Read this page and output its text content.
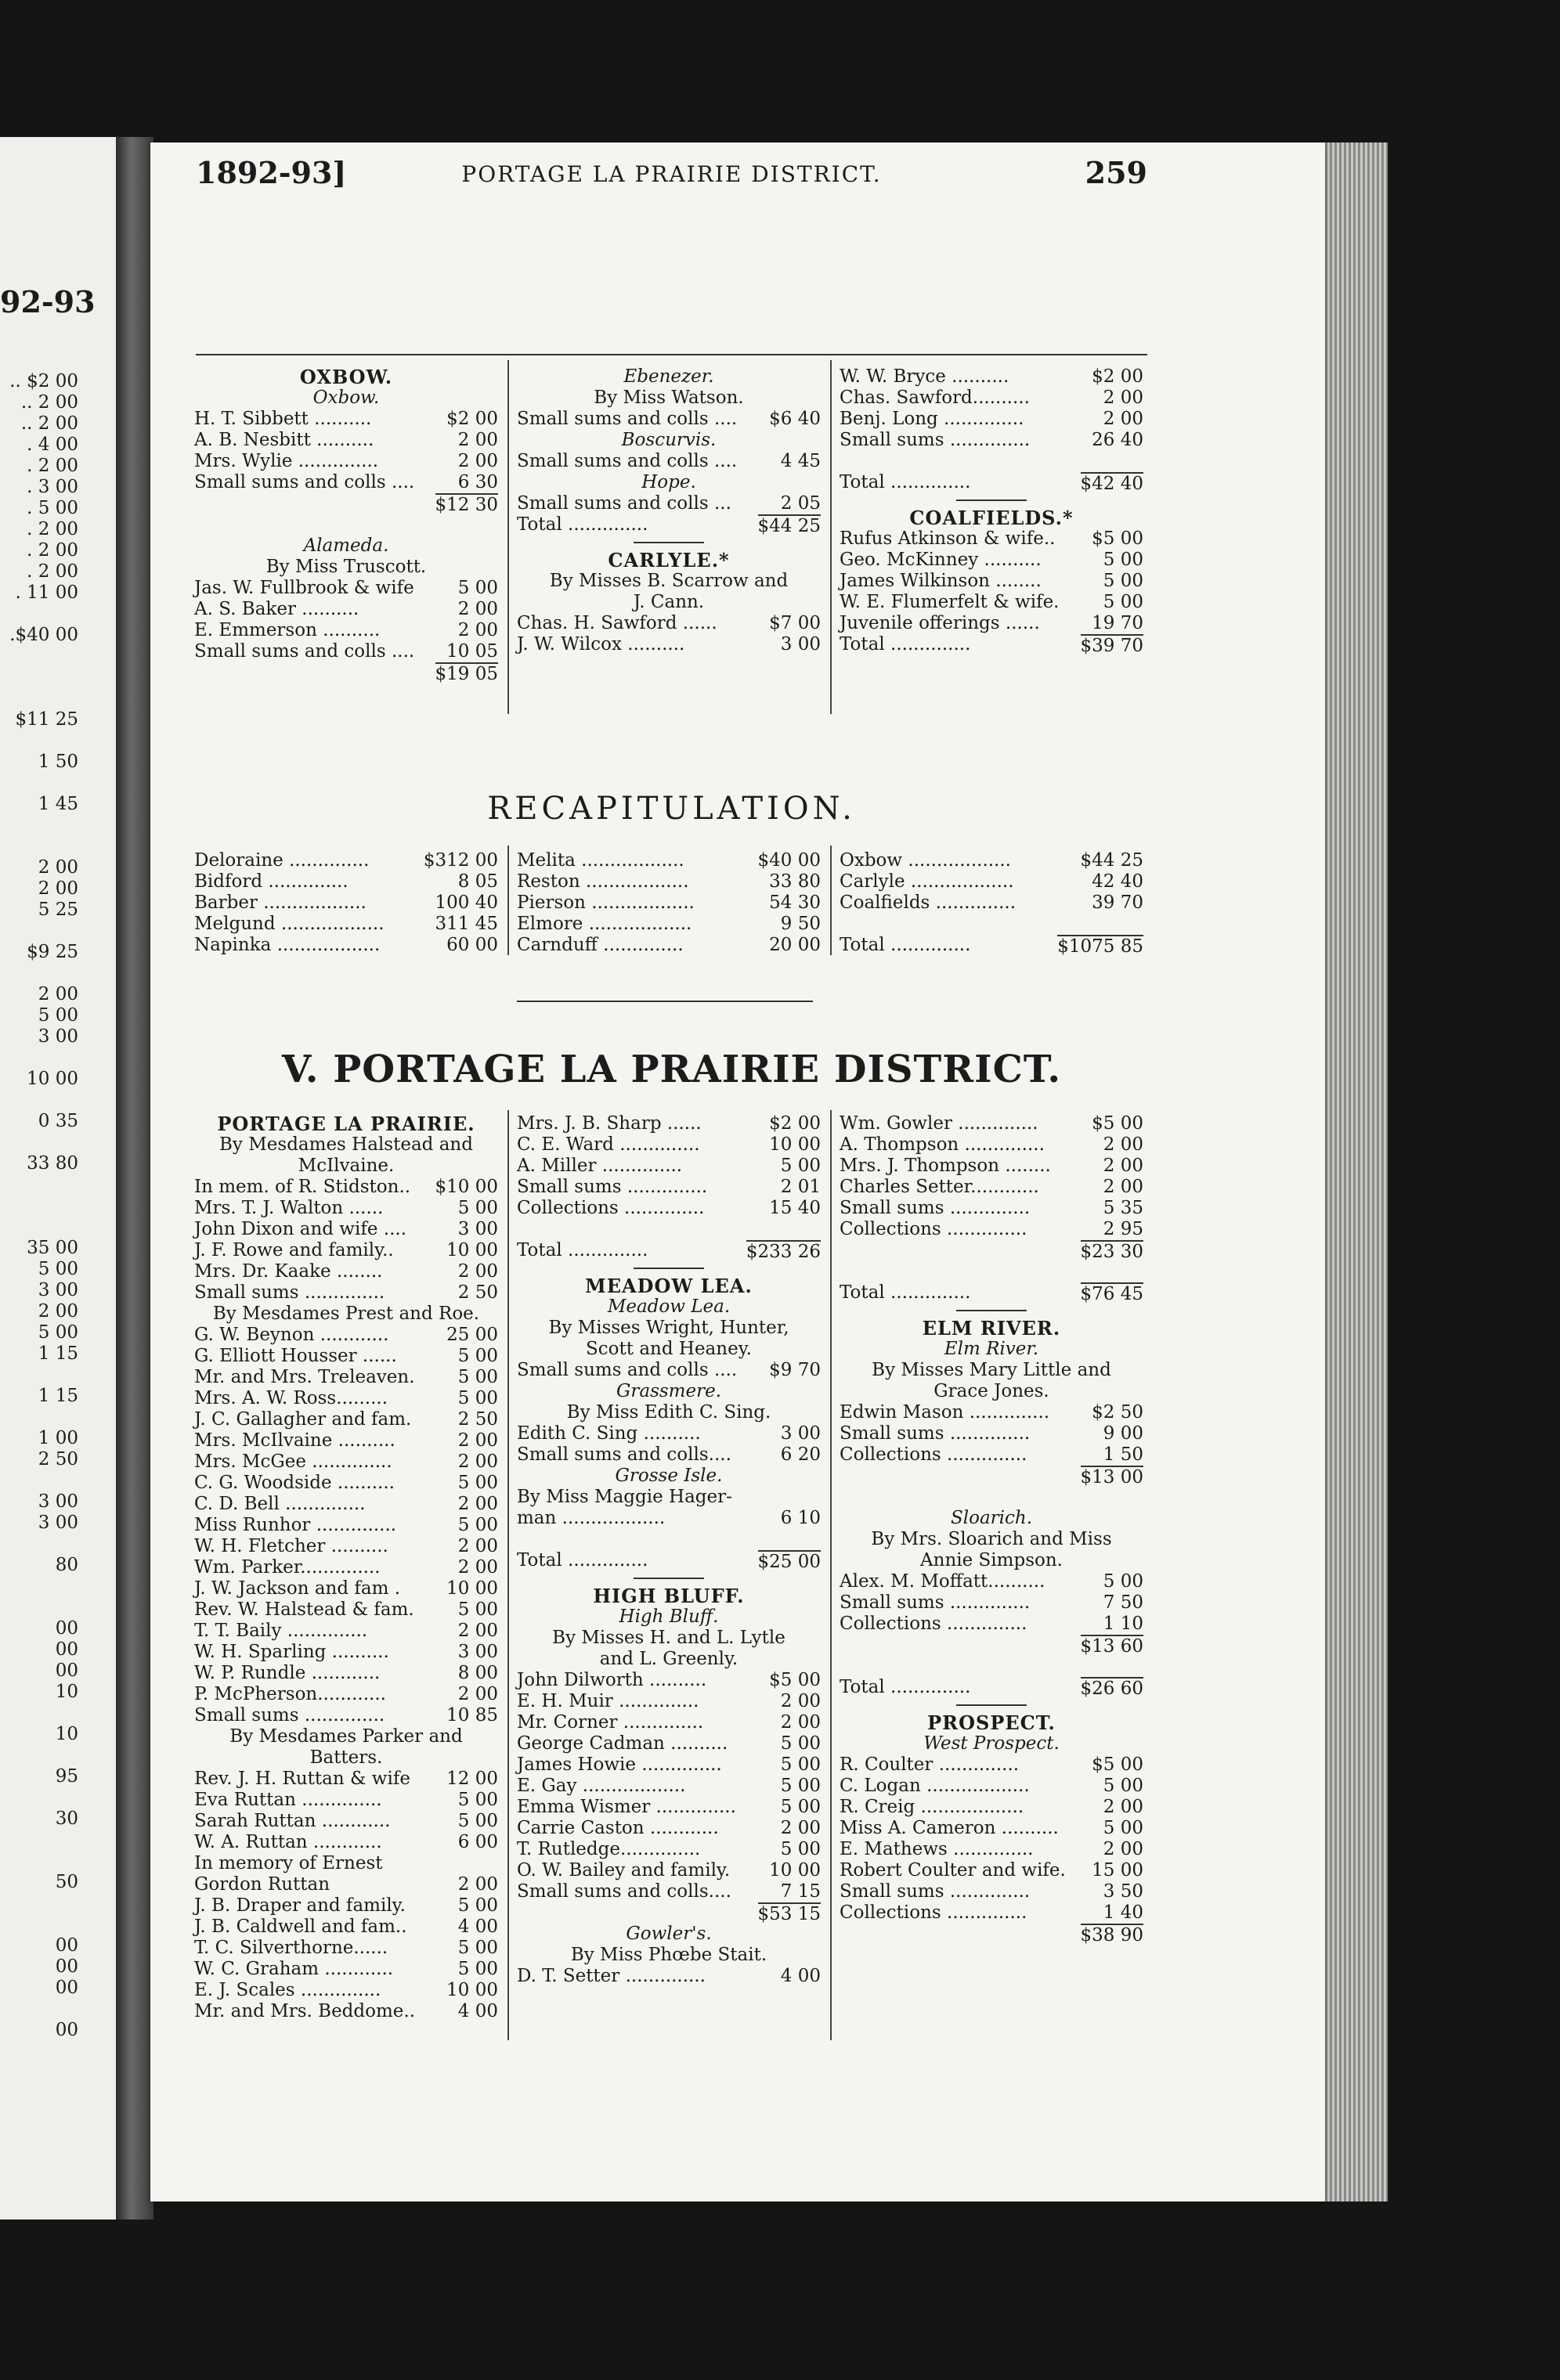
92-93
.. $2 00
.. 2 00
.. 2 00
. 4 00
. 2 00
. 3 00
. 5 00
. 2 00
. 2 00
. 2 00
. 11 00
.$40 00
$11 25
1 50
1 45
2 00
2 00
5 25
$9 25
2 00
5 00
3 00
10 00
0 35
33 80
35 00
5 00
3 00
2 00
5 00
1 15
1 15
1 00
2 50
3 00
3 00
80
00
00
00
10
10
95
30
50
00
00
00
00
1892-93]	PORTAGE LA PRAIRIE DISTRICT.	259
OXBOW.
Oxbow.
H. T. Sibbett ..........	$2 00
A. B. Nesbitt ..........	2 00
Mrs. Wylie ..............	2 00
Small sums and colls .... 6 30
$12 30
Alameda.
By Miss Truscott.
Jas. W. Fullbrook & wife 5 00
A. S. Baker ..........	2 00
E. Emmerson ..........	2 00
Small sums and colls .... 10 05
$19 05
Ebenezer.
By Miss Watson.
Small sums and colls .... $6 40
Boscurvis.
Small sums and colls .... 4 45
Hope.
Small sums and colls ...	2 05
Total ..............	$44 25
CARLYLE.*
By Misses B. Scarrow and
J. Cann.
Chas. H. Sawford ......	$7 00
J. W. Wilcox ..........	3 00
W. W. Bryce ..........	$2 00
Chas. Sawford..........	2 00
Benj. Long ..............	2 00
Small sums ..............	26 40
Total ..............	$42 40
COALFIELDS.*
Rufus Atkinson & wife.. $5 00
Geo. McKinney ..........	5 00
James Wilkinson ........	5 00
W. E. Flumerfelt & wife. 5 00
Juvenile offerings ......	19 70
Total ..............	$39 70
RECAPITULATION.
Deloraine ..............	$312 00
Bidford ..............	8 05
Barber ..................	100 40
Melgund ..................	311 45
Napinka ..................	60 00
Melita ..................	$40 00
Reston ..................	33 80
Pierson ..................	54 30
Elmore ..................	9 50
Carnduff ..............	20 00
Oxbow ..................	$44 25
Carlyle ..................	42 40
Coalfields ..............	39 70
Total ..............	$1075 85
V. PORTAGE LA PRAIRIE DISTRICT.
PORTAGE LA PRAIRIE.
By Mesdames Halstead and
McIlvaine.
In mem. of R. Stidston.. $10 00
Mrs. T. J. Walton ......	5 00
John Dixon and wife ....	3 00
J. F. Rowe and family..	10 00
Mrs. Dr. Kaake ........	2 00
Small sums ..............	2 50
By Mesdames Prest and Roe.
G. W. Beynon ............	25 00
G. Elliott Housser ......	5 00
Mr. and Mrs. Treleaven. 5 00
Mrs. A. W. Ross.........	5 00
J. C. Gallagher and fam.	2 50
Mrs. McIlvaine ..........	2 00
Mrs. McGee ..............	2 00
C. G. Woodside ..........	5 00
C. D. Bell ..............	2 00
Miss Runhor ..............	5 00
W. H. Fletcher ..........	2 00
Wm. Parker..............	2 00
J. W. Jackson and fam .	10 00
Rev. W. Halstead & fam. 5 00
T. T. Baily ..............	2 00
W. H. Sparling ..........	3 00
W. P. Rundle ............	8 00
P. McPherson............	2 00
Small sums ..............	10 85
By Mesdames Parker and
Batters.
Rev. J. H. Ruttan & wife 12 00
Eva Ruttan ..............	5 00
Sarah Ruttan ............	5 00
W. A. Ruttan ............	6 00
In memory of Ernest
Gordon Ruttan	2 00
J. B. Draper and family.	5 00
J. B. Caldwell and fam..	4 00
T. C. Silverthorne......	5 00
W. C. Graham ............	5 00
E. J. Scales ..............	10 00
Mr. and Mrs. Beddome.. 4 00
Mrs. J. B. Sharp ......	$2 00
C. E. Ward ..............	10 00
A. Miller ..............	5 00
Small sums ..............	2 01
Collections ..............	15 40
Total ..............	$233 26
MEADOW LEA.
Meadow Lea.
By Misses Wright, Hunter,
Scott and Heaney.
Small sums and colls .... $9 70
Grassmere.
By Miss Edith C. Sing.
Edith C. Sing ..........	3 00
Small sums and colls....	6 20
Grosse Isle.
By Miss Maggie Hager-
man ..................	6 10
Total ..............	$25 00
HIGH BLUFF.
High Bluff.
By Misses H. and L. Lytle
and L. Greenly.
John Dilworth ..........	$5 00
E. H. Muir ..............	2 00
Mr. Corner ..............	2 00
George Cadman ..........	5 00
James Howie ..............	5 00
E. Gay ..................	5 00
Emma Wismer .............. 5 00
Carrie Caston ............	2 00
T. Rutledge..............	5 00
O. W. Bailey and family. 10 00
Small sums and colls....	7 15
$53 15
Gowler's.
By Miss Phœbe Stait.
D. T. Setter ..............	4 00
Wm. Gowler ..............	$5 00
A. Thompson ..............	2 00
Mrs. J. Thompson ........	2 00
Charles Setter............	2 00
Small sums ..............	5 35
Collections ..............	2 95
$23 30
Total ..............	$76 45
ELM RIVER.
Elm River.
By Misses Mary Little and
Grace Jones.
Edwin Mason .............. $2 50
Small sums ..............	9 00
Collections ..............	1 50
$13 00
Sloarich.
By Mrs. Sloarich and Miss
Annie Simpson.
Alex. M. Moffatt..........	5 00
Small sums ..............	7 50
Collections ..............	1 10
$13 60
Total ..............	$26 60
PROSPECT.
West Prospect.
R. Coulter ..............	$5 00
C. Logan ..................	5 00
R. Creig ..................	2 00
Miss A. Cameron .......... 5 00
E. Mathews ..............	2 00
Robert Coulter and wife. 15 00
Small sums ..............	3 50
Collections ..............	1 40
$38 90
